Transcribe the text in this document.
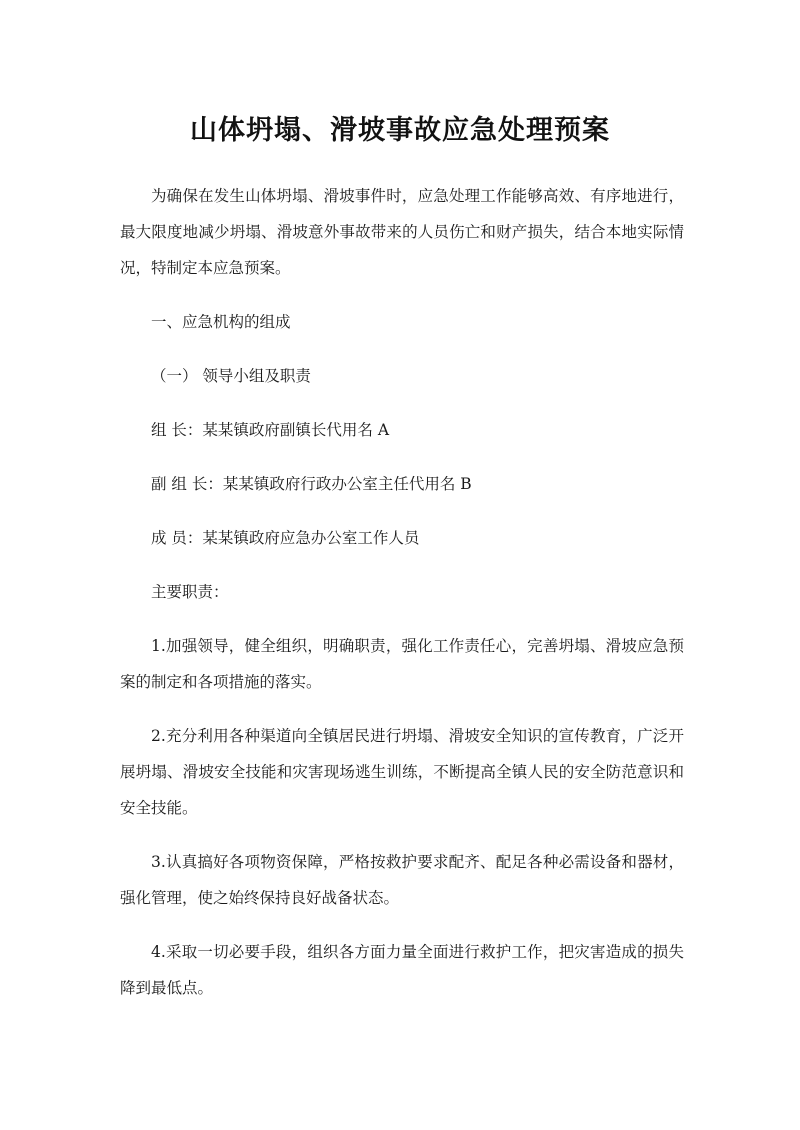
山体坍塌、滑坡事故应急处理预案

为确保在发生山体坍塌、滑坡事件时，应急处理工作能够高效、有序地进行，最大限度地减少坍塌、滑坡意外事故带来的人员伤亡和财产损失，结合本地实际情况，特制定本应急预案。

一、应急机构的组成
（一） 领导小组及职责
组 长：某某镇政府副镇长代用名 A
副 组 长：某某镇政府行政办公室主任代用名 B
成 员：某某镇政府应急办公室工作人员
主要职责：

1.加强领导，健全组织，明确职责，强化工作责任心，完善坍塌、滑坡应急预案的制定和各项措施的落实。

2.充分利用各种渠道向全镇居民进行坍塌、滑坡安全知识的宣传教育，广泛开展坍塌、滑坡安全技能和灾害现场逃生训练，不断提高全镇人民的安全防范意识和安全技能。

3.认真搞好各项物资保障，严格按救护要求配齐、配足各种必需设备和器材，强化管理，使之始终保持良好战备状态。

4.采取一切必要手段，组织各方面力量全面进行救护工作，把灾害造成的损失降到最低点。
